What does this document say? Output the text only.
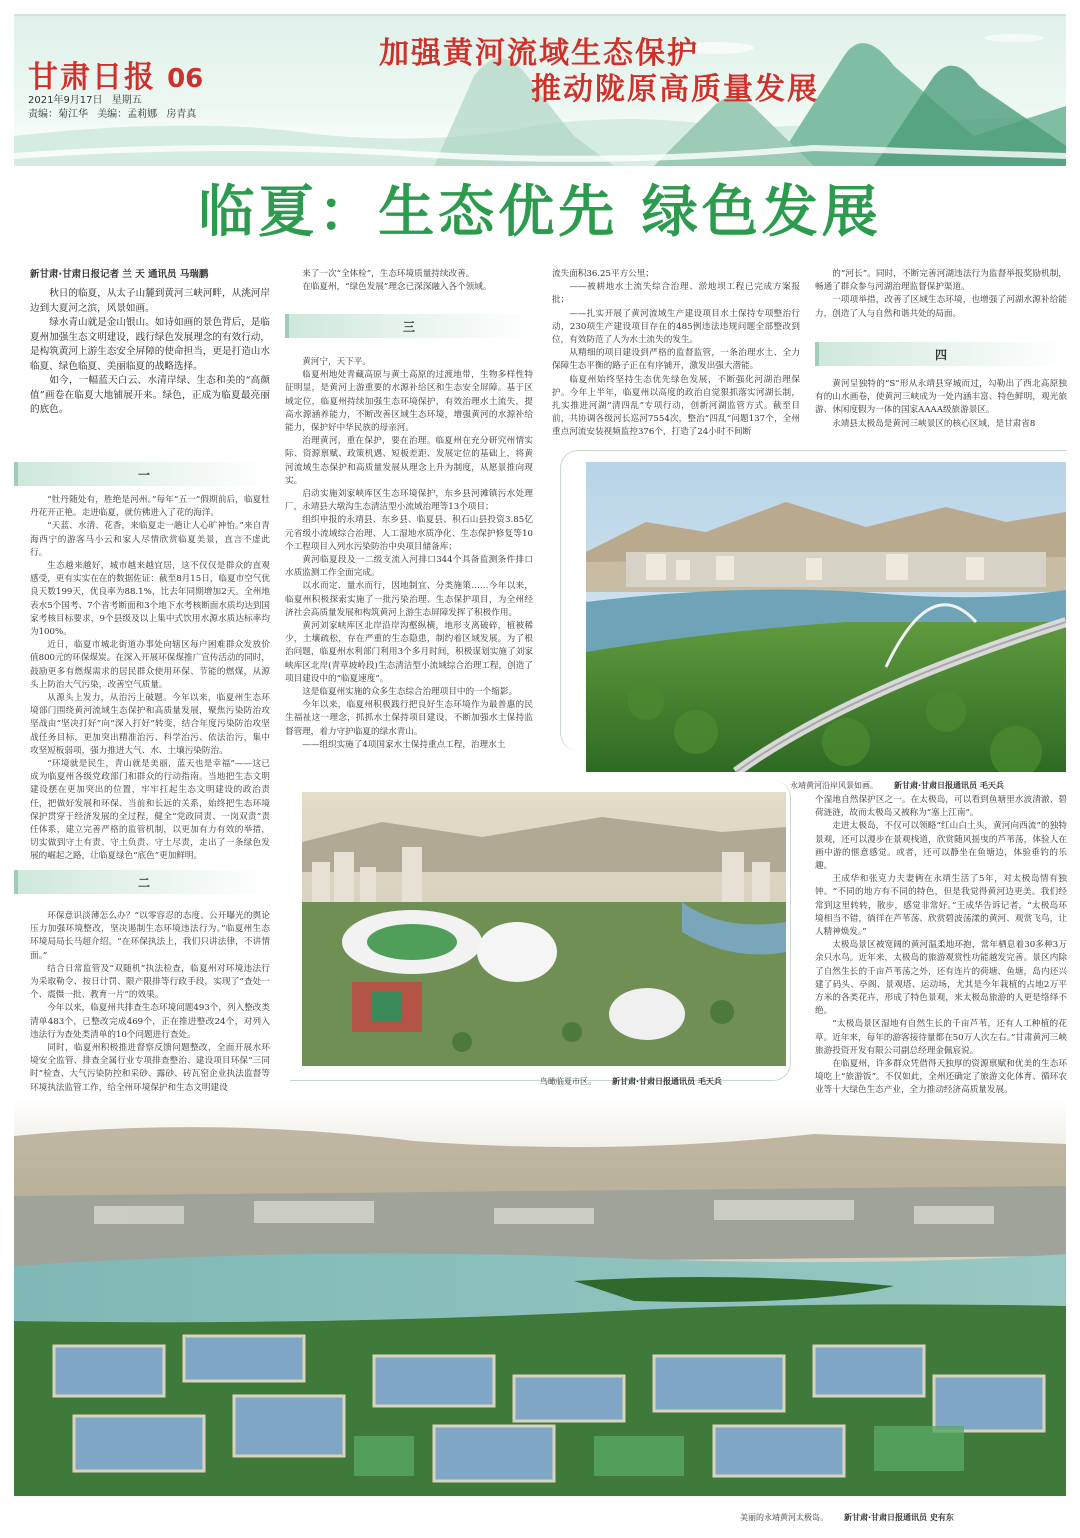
甘肃日报 06
2021年9月17日 星期五
责编：菊江华 美编：孟莉娜 房青真
加强黄河流域生态保护
推动陇原高质量发展
临夏：生态优先 绿色发展

新甘肃·甘肃日报记者 兰 天 通讯员 马瑞鹏

秋日的临夏，从太子山麓到黄河三峡河畔，从洮河岸边到大夏河之滨，风景如画。

绿水青山就是金山银山。如诗如画的景色背后，是临夏州加强生态文明建设，践行绿色发展理念的有效行动，是构筑黄河上游生态安全屏障的使命担当，更是打造山水临夏、绿色临夏、美丽临夏的战略选择。

如今，一幅蓝天白云、水清岸绿、生态和美的“高颜值”画卷在临夏大地铺展开来。绿色，正成为临夏最亮丽的底色。

一

“牡丹随处有，胜绝是河州。”每年“五一”假期前后，临夏牡丹花开正艳。走进临夏，就仿佛进入了花的海洋。

“天蓝、水清、花香，来临夏走一趟让人心旷神怡。”来自青海西宁的游客马小云和家人尽情欣赏临夏美景，直言不虚此行。

生态越来越好，城市越来越宜居，这不仅仅是群众的直观感受，更有实实在在的数据佐证：截至8月15日，临夏市空气优良天数199天，优良率为88.1%，比去年同期增加2天。全州地表水5个国考、7个省考断面和3个地下水考核断面水质均达到国家考核目标要求，9个县级及以上集中式饮用水源水质达标率均为100%。

近日，临夏市城北街道办事处向辖区每户困难群众发放价值800元的环保煤炭。在深入开展环保煤推广宣传活动的同时，鼓励更多有燃煤需求的居民群众使用环保、节能的燃煤，从源头上防治大气污染，改善空气质量。

从源头上发力，从治污上破题。今年以来，临夏州生态环境部门围绕黄河流域生态保护和高质量发展，聚焦污染防治攻坚战由“坚决打好”向“深入打好”转变，结合年度污染防治攻坚战任务目标，更加突出精准治污、科学治污、依法治污，集中攻坚短板弱项，强力推进大气、水、土壤污染防治。

“环境就是民生，青山就是美丽，蓝天也是幸福”——这已成为临夏州各级党政部门和群众的行动指南。当地把生态文明建设摆在更加突出的位置，牢牢扛起生态文明建设的政治责任，把做好发展和环保、当前和长远的关系，始终把生态环境保护贯穿于经济发展的全过程，健全“党政同责、一岗双责”责任体系，建立完善严格的监管机制，以更加有力有效的举措，切实做到守土有责、守土负责、守土尽责，走出了一条绿色发展的崛起之路，让临夏绿色“底色”更加鲜明。

二

环保意识淡薄怎么办？“以零容忍的态度、公开曝光的舆论压力加强环境整改，坚决遏制生态环境违法行为。”临夏州生态环境局局长马超介绍。“在环保执法上，我们只讲法律，不讲情面。”

结合日常监管及“双随机”执法检查，临夏州对环境违法行为采取勒令、按日计罚、限产限排等行政手段，实现了“查处一个、震慑一批、教育一片”的效果。

今年以来，临夏州共排查生态环境问题493个，列入整改类清单483个，已整改完成469个，正在推进整改24个，对列入违法行为查处类清单的10个问题进行查处。

同时，临夏州积极推进督察反馈问题整改，全面开展水环境安全监管、排查全属行业专项排查整治、建设项目环保“三同时”检查、大气污染防控和采砂、露砂、砖瓦窑企业执法监督等环境执法监管工作，给全州环境保护和生态文明建设

来了一次“全体检”，生态环境质量持续改善。

在临夏州，“绿色发展”理念已深深融入各个领域。

三

黄河宁，天下平。

临夏州地处青藏高原与黄土高原的过渡地带，生物多样性特征明显，是黄河上游重要的水源补给区和生态安全屏障。基于区域定位，临夏州持续加强生态环境保护，有效治理水土流失，提高水源涵养能力，不断改善区域生态环境，增强黄河的水源补给能力，保护好中华民族的母亲河。

治理黄河，重在保护，要在治理。临夏州在充分研究州情实际、资源禀赋、政策机遇、短板差距、发展定位的基础上，将黄河流域生态保护和高质量发展从理念上升为制度，从愿景推向现实。

启动实施刘家峡库区生态环境保护，东乡县河滩镇污水处理厂，永靖县大墩沟生态清洁型小流域治理等13个项目；

组织申报的永靖县、东乡县、临夏县、积石山县投资3.85亿元省级小流域综合治理、人工湿地水质净化、生态保护修复等10个工程项目入列水污染防治中央项目储备库；

黄河临夏段及一二级支流入河排口344个具备监测条件排口水质监测工作全面完成。

以水而定、量水而行，因地制宜、分类施策……今年以来，临夏州积极探索实施了一批污染治理、生态保护项目，为全州经济社会高质量发展和构筑黄河上游生态屏障发挥了积极作用。

黄河刘家峡库区北岸沿岸沟壑纵横，地形支离破碎，植被稀少，土壤疏松，存在严重的生态隐患，制约着区域发展。为了根治问题，临夏州水利部门利用3个多月时间，积极谋划实施了刘家峡库区北岸(青草坡岭段)生态清洁型小流域综合治理工程，创造了项目建设中的“临夏速度”。

这是临夏州实施的众多生态综合治理项目中的一个缩影。

今年以来，临夏州积极践行把良好生态环境作为最普惠的民生福祉这一理念，抓抓水土保持项目建设，不断加强水土保持监督管理，着力守护临夏的绿水青山。

——组织实施了4项国家水土保持重点工程，治理水土

流失面积36.25平方公里；

——被耕地水土流失综合治理、淤地坝工程已完成方案报批；

——扎实开展了黄河流域生产建设项目水土保持专项整治行动，230项生产建设项目存在的485例违法违规问题全部整改到位，有效防范了人为水土流失的发生。

从精细的项目建设到严格的监督监管，一条治理水土、全力保障生态平衡的路子正在有序铺开，激发出强大潜能。

临夏州始终坚持生态优先绿色发展，不断强化河湖治理保护。今年上半年，临夏州以高度的政治自觉狠抓落实河湖长制，扎实推进河湖“清四乱”专项行动，创新河湖监管方式。截至目前，共协调各级河长巡河7554次，整治“四乱”问题137个，全州重点河流安装视频监控376个，打造了24小时不间断

的“河长”。同时，不断完善河湖违法行为监督举报奖励机制，畅通了群众参与河湖治理监督保护渠道。

一项项举措，改善了区域生态环境，也增强了河湖水源补给能力，创造了人与自然和谐共处的局面。

四

黄河呈独特的“S”形从永靖县穿城而过，勾勒出了西北高原独有的山水画卷，使黄河三峡成为一处内涵丰富、特色鲜明，观光旅游、休闲度假为一体的国家AAAA级旅游景区。

永靖县太极岛是黄河三峡景区的核心区域，是甘肃省8

永靖黄河沿岸风景如画。 新甘肃·甘肃日报通讯员 毛天兵
鸟瞰临夏市区。 新甘肃·甘肃日报通讯员 毛天兵

个湿地自然保护区之一。在太极岛，可以看到鱼塘里水波清澈、碧荷涟涟，故而太极岛又被称为“塞上江南”。

走进太极岛，不仅可以领略“红山白土头，黄河向西流”的独特景观，还可以漫步在景观栈道，欣赏随风摇曳的芦苇荡，体验人在画中游的惬意感觉。或者，还可以静坐在鱼塘边，体验垂钓的乐趣。

王成华和张克力夫妻俩在永靖生活了5年，对太极岛情有独钟。“不同的地方有不同的特色，但是我觉得黄河边更美。我们经常到这里转转，散步，感觉非常好。”王成华告诉记者，“太极岛环境相当不错，徜徉在芦苇荡、欣赏碧波荡漾的黄河、观赏飞鸟，让人精神焕发。”

太极岛景区被宽阔的黄河温柔地环抱，常年栖息着30多种3万余只水鸟。近年来，太极岛的旅游观赏性功能越发完善。景区内除了自然生长的千亩芦苇荡之外，还有连片的荷塘、鱼塘，岛内还兴建了码头、亭阁、景观塔、运动场，尤其是今年栽植的占地2万平方米的各类花卉，形成了特色景观，来太极岛旅游的人更是络绎不绝。

“太极岛景区湿地有自然生长的千亩芦苇，还有人工种植的花草。近年来，每年的游客接待量都在50万人次左右。”甘肃黄河三峡旅游投资开发有限公司副总经理金佩宸说。

在临夏州，许多群众凭借得天独厚的资源禀赋和优美的生态环境吃上“旅游饭”。不仅如此，全州还确定了旅游文化体育、循环农业等十大绿色生态产业，全力推动经济高质量发展。

美丽的永靖黄河太极岛。 新甘肃·甘肃日报通讯员 史有东
